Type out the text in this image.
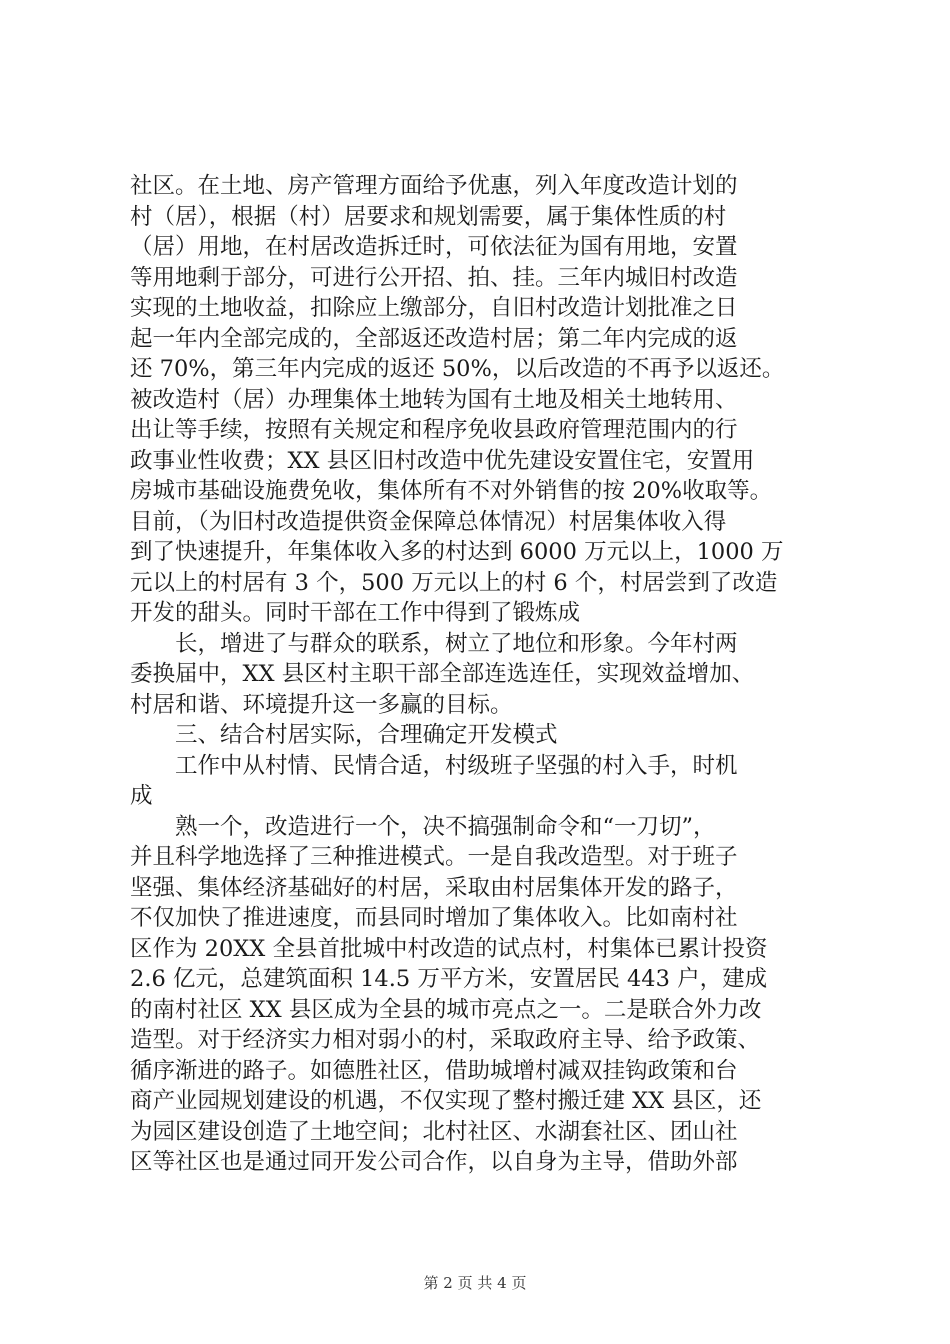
社区。在土地、房产管理方面给予优惠，列入年度改造计划的
村（居），根据（村）居要求和规划需要，属于集体性质的村
（居）用地，在村居改造拆迁时，可依法征为国有用地，安置
等用地剩于部分，可进行公开招、拍、挂。三年内城旧村改造
实现的土地收益，扣除应上缴部分，自旧村改造计划批准之日
起一年内全部完成的，全部返还改造村居；第二年内完成的返
还 70%，第三年内完成的返还 50%，以后改造的不再予以返还。
被改造村（居）办理集体土地转为国有土地及相关土地转用、
出让等手续，按照有关规定和程序免收县政府管理范围内的行
政事业性收费；XX 县区旧村改造中优先建设安置住宅，安置用
房城市基础设施费免收，集体所有不对外销售的按 20%收取等。
目前，（为旧村改造提供资金保障总体情况）村居集体收入得
到了快速提升，年集体收入多的村达到 6000 万元以上，1000 万
元以上的村居有 3 个，500 万元以上的村 6 个，村居尝到了改造
开发的甜头。同时干部在工作中得到了锻炼成
长，增进了与群众的联系，树立了地位和形象。今年村两
委换届中，XX 县区村主职干部全部连选连任，实现效益增加、
村居和谐、环境提升这一多赢的目标。
三、结合村居实际，合理确定开发模式
工作中从村情、民情合适，村级班子坚强的村入手，时机
成
熟一个，改造进行一个，决不搞强制命令和“一刀切”，
并且科学地选择了三种推进模式。一是自我改造型。对于班子
坚强、集体经济基础好的村居，采取由村居集体开发的路子，
不仅加快了推进速度，而县同时增加了集体收入。比如南村社
区作为 20XX 全县首批城中村改造的试点村，村集体已累计投资
2.6 亿元，总建筑面积 14.5 万平方米，安置居民 443 户，建成
的南村社区 XX 县区成为全县的城市亮点之一。二是联合外力改
造型。对于经济实力相对弱小的村，采取政府主导、给予政策、
循序渐进的路子。如德胜社区，借助城增村减双挂钩政策和台
商产业园规划建设的机遇，不仅实现了整村搬迁建 XX 县区，还
为园区建设创造了土地空间；北村社区、水湖套社区、团山社
区等社区也是通过同开发公司合作，以自身为主导，借助外部
第 2 页 共 4 页
